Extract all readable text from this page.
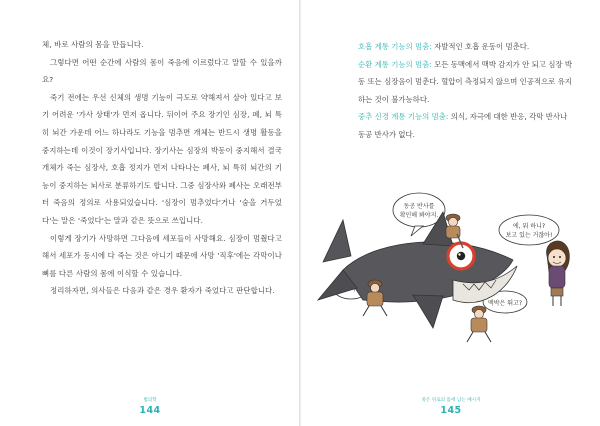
체, 바로 사람의 몸을 만듭니다.

그렇다면 어떤 순간에 사람의 몸이 죽음에 이르렀다고 말할 수 있을까요?

죽기 전에는 우선 신체의 생명 기능이 극도로 약해져서 살아 있다고 보기 어려운 '가사 상태'가 먼저 옵니다. 뒤이어 주요 장기인 심장, 폐, 뇌 특히 뇌간 가운데 어느 하나라도 기능을 멈추면 개체는 반드시 생명 활동을 중지하는데 이것이 장기사입니다. 장기사는 심장의 박동이 중지해서 결국 개체가 죽는 심장사, 호흡 정지가 먼저 나타나는 폐사, 뇌 특히 뇌간의 기능이 중지하는 뇌사로 분류하기도 합니다. 그중 심장사와 폐사는 오래전부터 죽음의 정의로 사용되었습니다. '심장이 멈추었다'거나 '숨을 거두었다'는 말은 '죽었다'는 말과 같은 뜻으로 쓰입니다.

이렇게 장기가 사망하면 그다음에 세포들이 사망해요. 심장이 멈췄다고 해서 세포가 동시에 다 죽는 것은 아니기 때문에 사망 '직후'에는 각막이나 뼈를 다른 사람의 몸에 이식할 수 있습니다.

정리하자면, 의사들은 다음과 같은 경우 환자가 죽었다고 판단합니다.

법의학
144
호흡 계통 기능의 멈춤: 자발적인 호흡 운동이 멈춘다.
순환 계통 기능의 멈춤: 모든 동맥에서 맥박 감지가 안 되고 심장 박동 또는 심장음이 멈춘다. 혈압이 측정되지 않으며 인공적으로 유지하는 것이 불가능하다.
중추 신경 계통 기능의 멈춤: 의식, 자극에 대한 반응, 각막 반사나 동공 반사가 없다.
동공 반사를
확인해 봐야지.
에, 뭐 하니?
보고 있는 거잖아!
맥박은 뛰고?
죽은 뒤로의 몸에 남는 메시지
145
